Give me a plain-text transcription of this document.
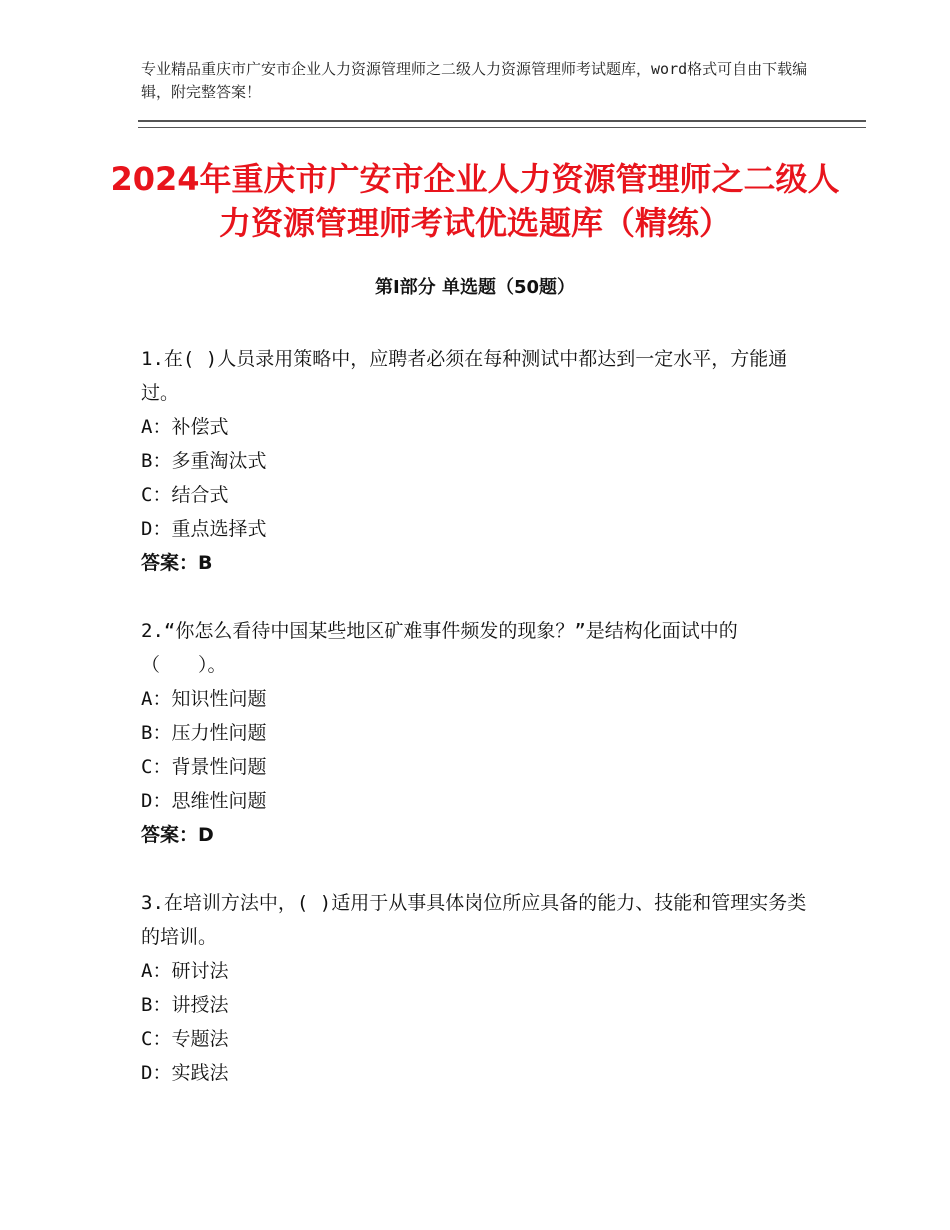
专业精品重庆市广安市企业人力资源管理师之二级人力资源管理师考试题库，word格式可自由下载编辑，附完整答案！
2024年重庆市广安市企业人力资源管理师之二级人力资源管理师考试优选题库（精练）
第Ⅰ部分 单选题（50题）

1.在( )人员录用策略中，应聘者必须在每种测试中都达到一定水平，方能通过。

A：补偿式

B：多重淘汰式

C：结合式

D：重点选择式

答案：B

2.“你怎么看待中国某些地区矿难事件频发的现象？”是结构化面试中的（　　）。

A：知识性问题

B：压力性问题

C：背景性问题

D：思维性问题

答案：D

3.在培训方法中，( )适用于从事具体岗位所应具备的能力、技能和管理实务类的培训。

A：研讨法

B：讲授法

C：专题法

D：实践法
